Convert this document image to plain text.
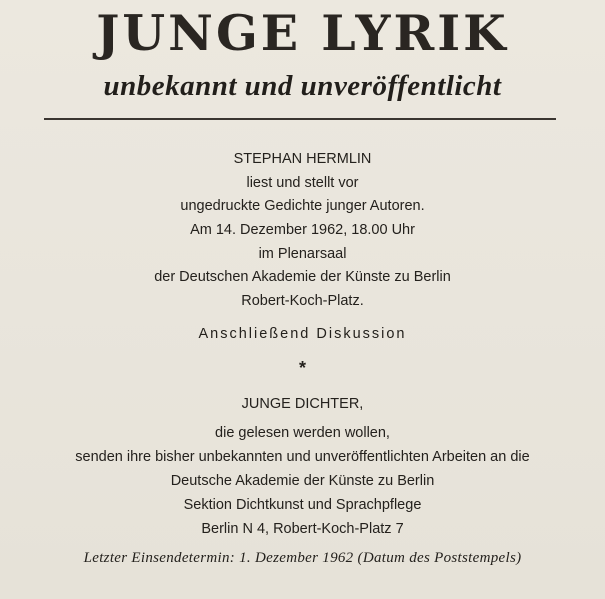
JUNGE LYRIK
unbekannt und unveröffentlicht
STEPHAN HERMLIN
liest und stellt vor
ungedruckte Gedichte junger Autoren.
Am 14. Dezember 1962, 18.00 Uhr
im Plenarsaal
der Deutschen Akademie der Künste zu Berlin
Robert-Koch-Platz.
Anschließend Diskussion
*
JUNGE DICHTER,
die gelesen werden wollen,
senden ihre bisher unbekannten und unveröffentlichten Arbeiten an die
Deutsche Akademie der Künste zu Berlin
Sektion Dichtkunst und Sprachpflege
Berlin N 4, Robert-Koch-Platz 7
Letzter Einsendetermin: 1. Dezember 1962 (Datum des Poststempels)
